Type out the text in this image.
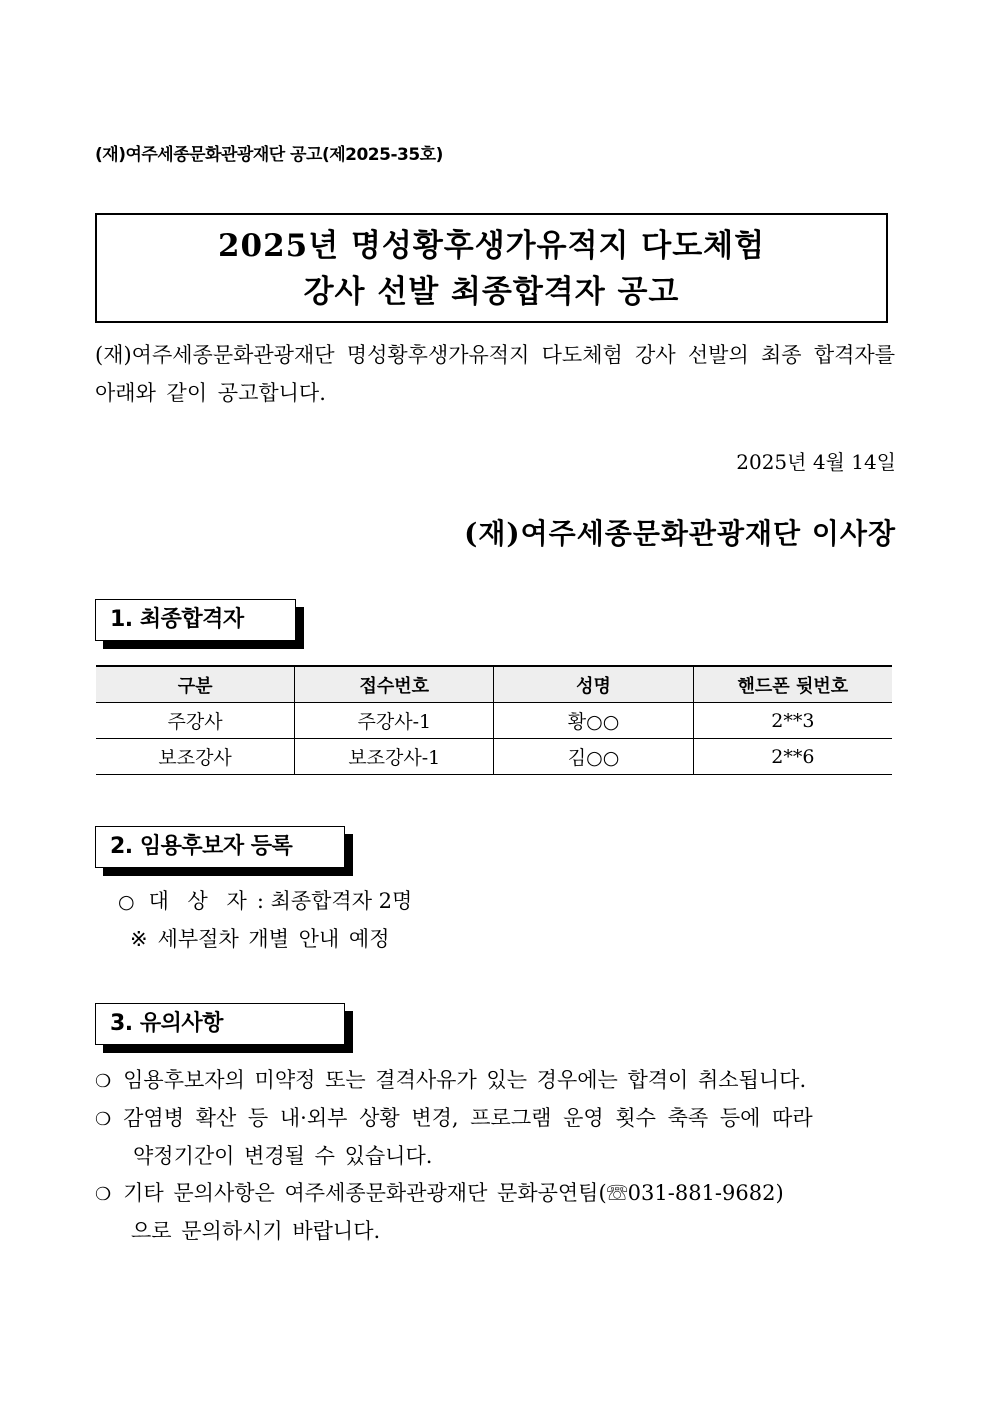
(재)여주세종문화관광재단 공고(제2025-35호)
2025년 명성황후생가유적지 다도체험
강사 선발 최종합격자 공고
(재)여주세종문화관광재단 명성황후생가유적지 다도체험 강사 선발의 최종 합격자를 아래와 같이 공고합니다.
2025년 4월 14일
(재)여주세종문화관광재단 이사장
1. 최종합격자
구분	접수번호	성명	핸드폰 뒷번호
주강사	주강사-1	황○○	2**3
보조강사	보조강사-1	김○○	2**6
2. 임용후보자 등록
○ 대 상 자 : 최종합격자 2명
※ 세부절차 개별 안내 예정
3. 유의사항
❍ 임용후보자의 미약정 또는 결격사유가 있는 경우에는 합격이 취소됩니다.
❍ 감염병 확산 등 내·외부 상황 변경, 프로그램 운영 횟수 축족 등에 따라
약정기간이 변경될 수 있습니다.
❍ 기타 문의사항은 여주세종문화관광재단 문화공연팀(☏031-881-9682)
으로 문의하시기 바랍니다.
